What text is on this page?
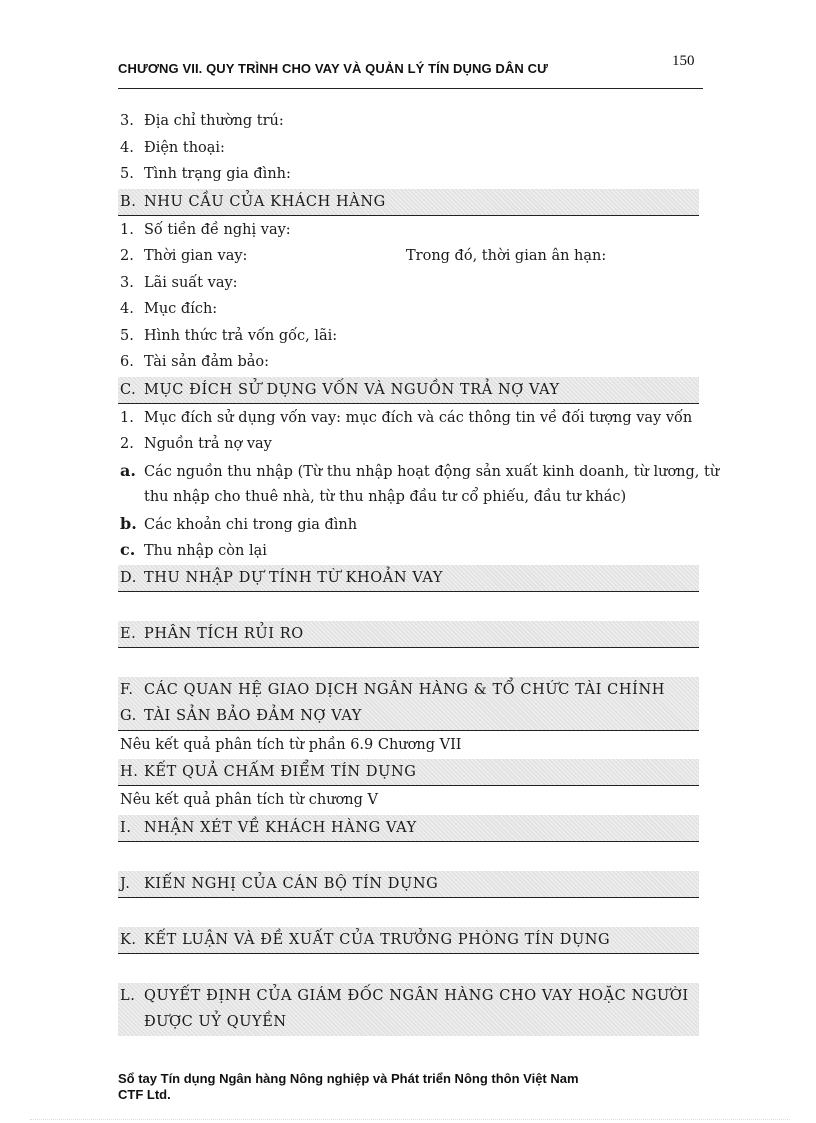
CHƯƠNG VII. QUY TRÌNH CHO VAY VÀ QUẢN LÝ TÍN DỤNG DÂN CƯ	150
3. Địa chỉ thường trú:
4. Điện thoại:
5. Tình trạng gia đình:
B. NHU CẦU CỦA KHÁCH HÀNG
1. Số tiền đề nghị vay:
2. Thời gian vay:	Trong đó, thời gian ân hạn:
3. Lãi suất vay:
4. Mục đích:
5. Hình thức trả vốn gốc, lãi:
6. Tài sản đảm bảo:
C. MỤC ĐÍCH SỬ DỤNG VỐN VÀ NGUỒN TRẢ NỢ VAY
1. Mục đích sử dụng vốn vay: mục đích và các thông tin về đối tượng vay vốn
2. Nguồn trả nợ vay
a. Các nguồn thu nhập (Từ thu nhập hoạt động sản xuất kinh doanh, từ lương, từ
thu nhập cho thuê nhà, từ thu nhập đầu tư cổ phiếu, đầu tư khác)
b. Các khoản chi trong gia đình
c. Thu nhập còn lại
D. THU NHẬP DỰ TÍNH TỪ KHOẢN VAY
E. PHÂN TÍCH RỦI RO
F. CÁC QUAN HỆ GIAO DỊCH NGÂN HÀNG & TỔ CHỨC TÀI CHÍNH
G. TÀI SẢN BẢO ĐẢM NỢ VAY
Nêu kết quả phân tích từ phần 6.9 Chương VII
H. KẾT QUẢ CHẤM ĐIỂM TÍN DỤNG
Nêu kết quả phân tích từ chương V
I. NHẬN XÉT VỀ KHÁCH HÀNG VAY
J. KIẾN NGHỊ CỦA CÁN BỘ TÍN DỤNG
K. KẾT LUẬN VÀ ĐỀ XUẤT CỦA TRƯỞNG PHÒNG TÍN DỤNG
L. QUYẾT ĐỊNH CỦA GIÁM ĐỐC NGÂN HÀNG CHO VAY HOẶC NGƯỜI
ĐƯỢC UỶ QUYỀN
Sổ tay Tín dụng Ngân hàng Nông nghiệp và Phát triển Nông thôn Việt Nam
CTF Ltd.
